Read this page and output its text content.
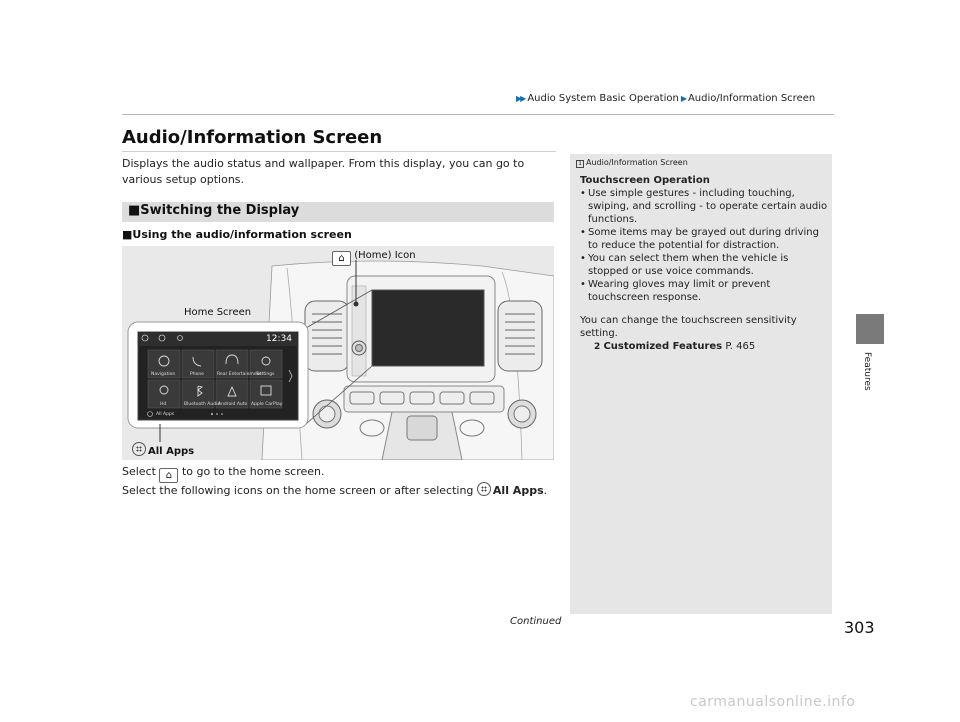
▶▶ Audio System Basic Operation ▶ Audio/Information Screen
Audio/Information Screen
Displays the audio status and wallpaper. From this display, you can go to various setup options.
■Switching the Display
■Using the audio/information screen
⌂ (Home) Icon
Home Screen
All Apps
12:34
Navigation	Phone	Rear Entertainment
Settings
Hd	Bluetooth Audio
Android Auto Apple CarPlay
All Apps
Select ⌂ to go to the home screen.
Select the following icons on the home screen or after selecting All Apps.
1 Audio/Information Screen
Touchscreen Operation
• Use simple gestures - including touching, swiping, and scrolling - to operate certain audio functions.
• Some items may be grayed out during driving to reduce the potential for distraction.
• You can select them when the vehicle is stopped or use voice commands.
• Wearing gloves may limit or prevent touchscreen response.
You can change the touchscreen sensitivity setting.
2 Customized Features P. 465
Features
Continued	303
carmanualsonline.info
